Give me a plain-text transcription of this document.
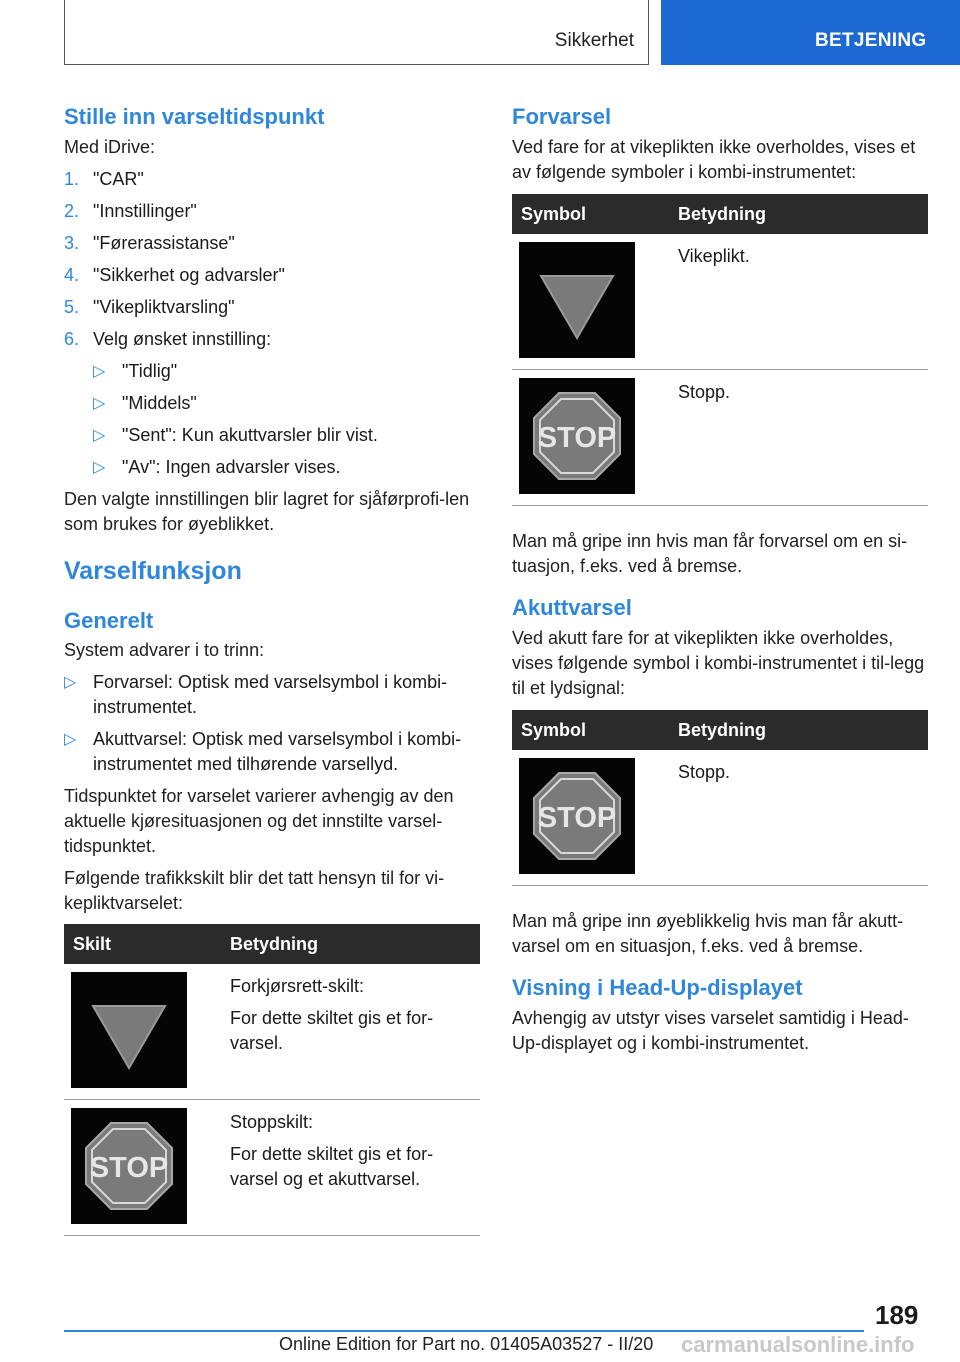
Sikkerhet	BETJENING
Stille inn varseltidspunkt

Med iDrive:

1. "CAR"
2. "Innstillinger"
3. "Førerassistanse"
4. "Sikkerhet og advarsler"
5. "Vikepliktvarsling"
6. Velg ønsket innstilling:
▷ "Tidlig"
▷ "Middels"
▷ "Sent": Kun akuttvarsler blir vist.
▷ "Av": Ingen advarsler vises.

Den valgte innstillingen blir lagret for sjåførprofi-len som brukes for øyeblikket.

Varselfunksjon
Generelt

System advarer i to trinn:

▷ Forvarsel: Optisk med varselsymbol i kombi-instrumentet.
▷ Akuttvarsel: Optisk med varselsymbol i kombi-instrumentet med tilhørende varsellyd.

Tidspunktet for varselet varierer avhengig av den aktuelle kjøresituasjonen og det innstilte varsel-tidspunktet.

Følgende trafikkskilt blir det tatt hensyn til for vi-kepliktvarselet:

Skilt	Betydning

Forkjørsrett-skilt:

For dette skiltet gis et for-varsel.

STOP	Stoppskilt:

For dette skiltet gis et for-varsel og et akuttvarsel.

Forvarsel

Ved fare for at vikeplikten ikke overholdes, vises et av følgende symboler i kombi-instrumentet:

Symbol	Betydning

	Vikeplikt.

STOP	Stopp.

Man må gripe inn hvis man får forvarsel om en si-tuasjon, f.eks. ved å bremse.

Akuttvarsel

Ved akutt fare for at vikeplikten ikke overholdes, vises følgende symbol i kombi-instrumentet i til-legg til et lydsignal:

Symbol	Betydning

STOP	Stopp.

Man må gripe inn øyeblikkelig hvis man får akutt-varsel om en situasjon, f.eks. ved å bremse.

Visning i Head-Up-displayet

Avhengig av utstyr vises varselet samtidig i Head-Up-displayet og i kombi-instrumentet.

189
Online Edition for Part no. 01405A03527 - II/20 carmanualsonline.info
